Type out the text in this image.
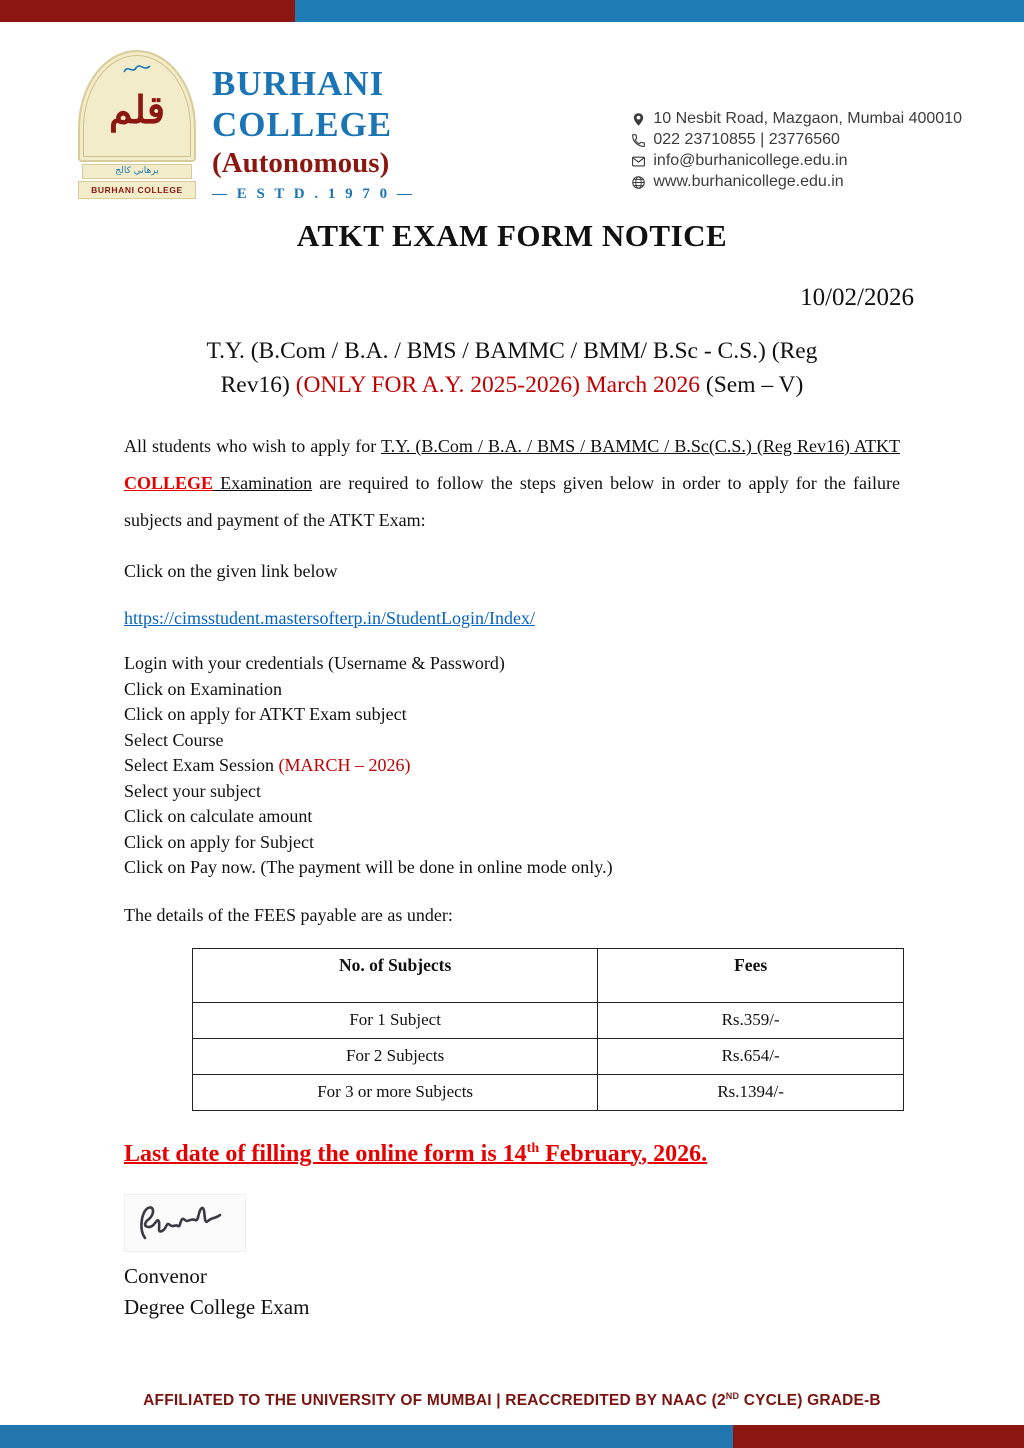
قلم
برهاني كالج
BURHANI COLLEGE
BURHANI
COLLEGE
(Autonomous)
— E S T D . 1 9 7 0 —
10 Nesbit Road, Mazgaon, Mumbai 400010
022 23710855 | 23776560
info@burhanicollege.edu.in
www.burhanicollege.edu.in
ATKT EXAM FORM NOTICE
10/02/2026
T.Y. (B.Com / B.A. / BMS / BAMMC / BMM/ B.Sc - C.S.) (Reg
Rev16) (ONLY FOR A.Y. 2025-2026) March 2026 (Sem – V)
All students who wish to apply for T.Y. (B.Com / B.A. / BMS / BAMMC / B.Sc(C.S.) (Reg Rev16) ATKT COLLEGE Examination are required to follow the steps given below in order to apply for the failure subjects and payment of the ATKT Exam:
Click on the given link below
https://cimsstudent.mastersofterp.in/StudentLogin/Index/
Login with your credentials (Username & Password)
Click on Examination
Click on apply for ATKT Exam subject
Select Course
Select Exam Session (MARCH – 2026)
Select your subject
Click on calculate amount
Click on apply for Subject
Click on Pay now. (The payment will be done in online mode only.)
The details of the FEES payable are as under:
No. of Subjects	Fees
For 1 Subject	Rs.359/-
For 2 Subjects	Rs.654/-
For 3 or more Subjects	Rs.1394/-
Last date of filling the online form is 14th February, 2026.
Convenor
Degree College Exam
AFFILIATED TO THE UNIVERSITY OF MUMBAI | REACCREDITED BY NAAC (2ND CYCLE) GRADE-B
